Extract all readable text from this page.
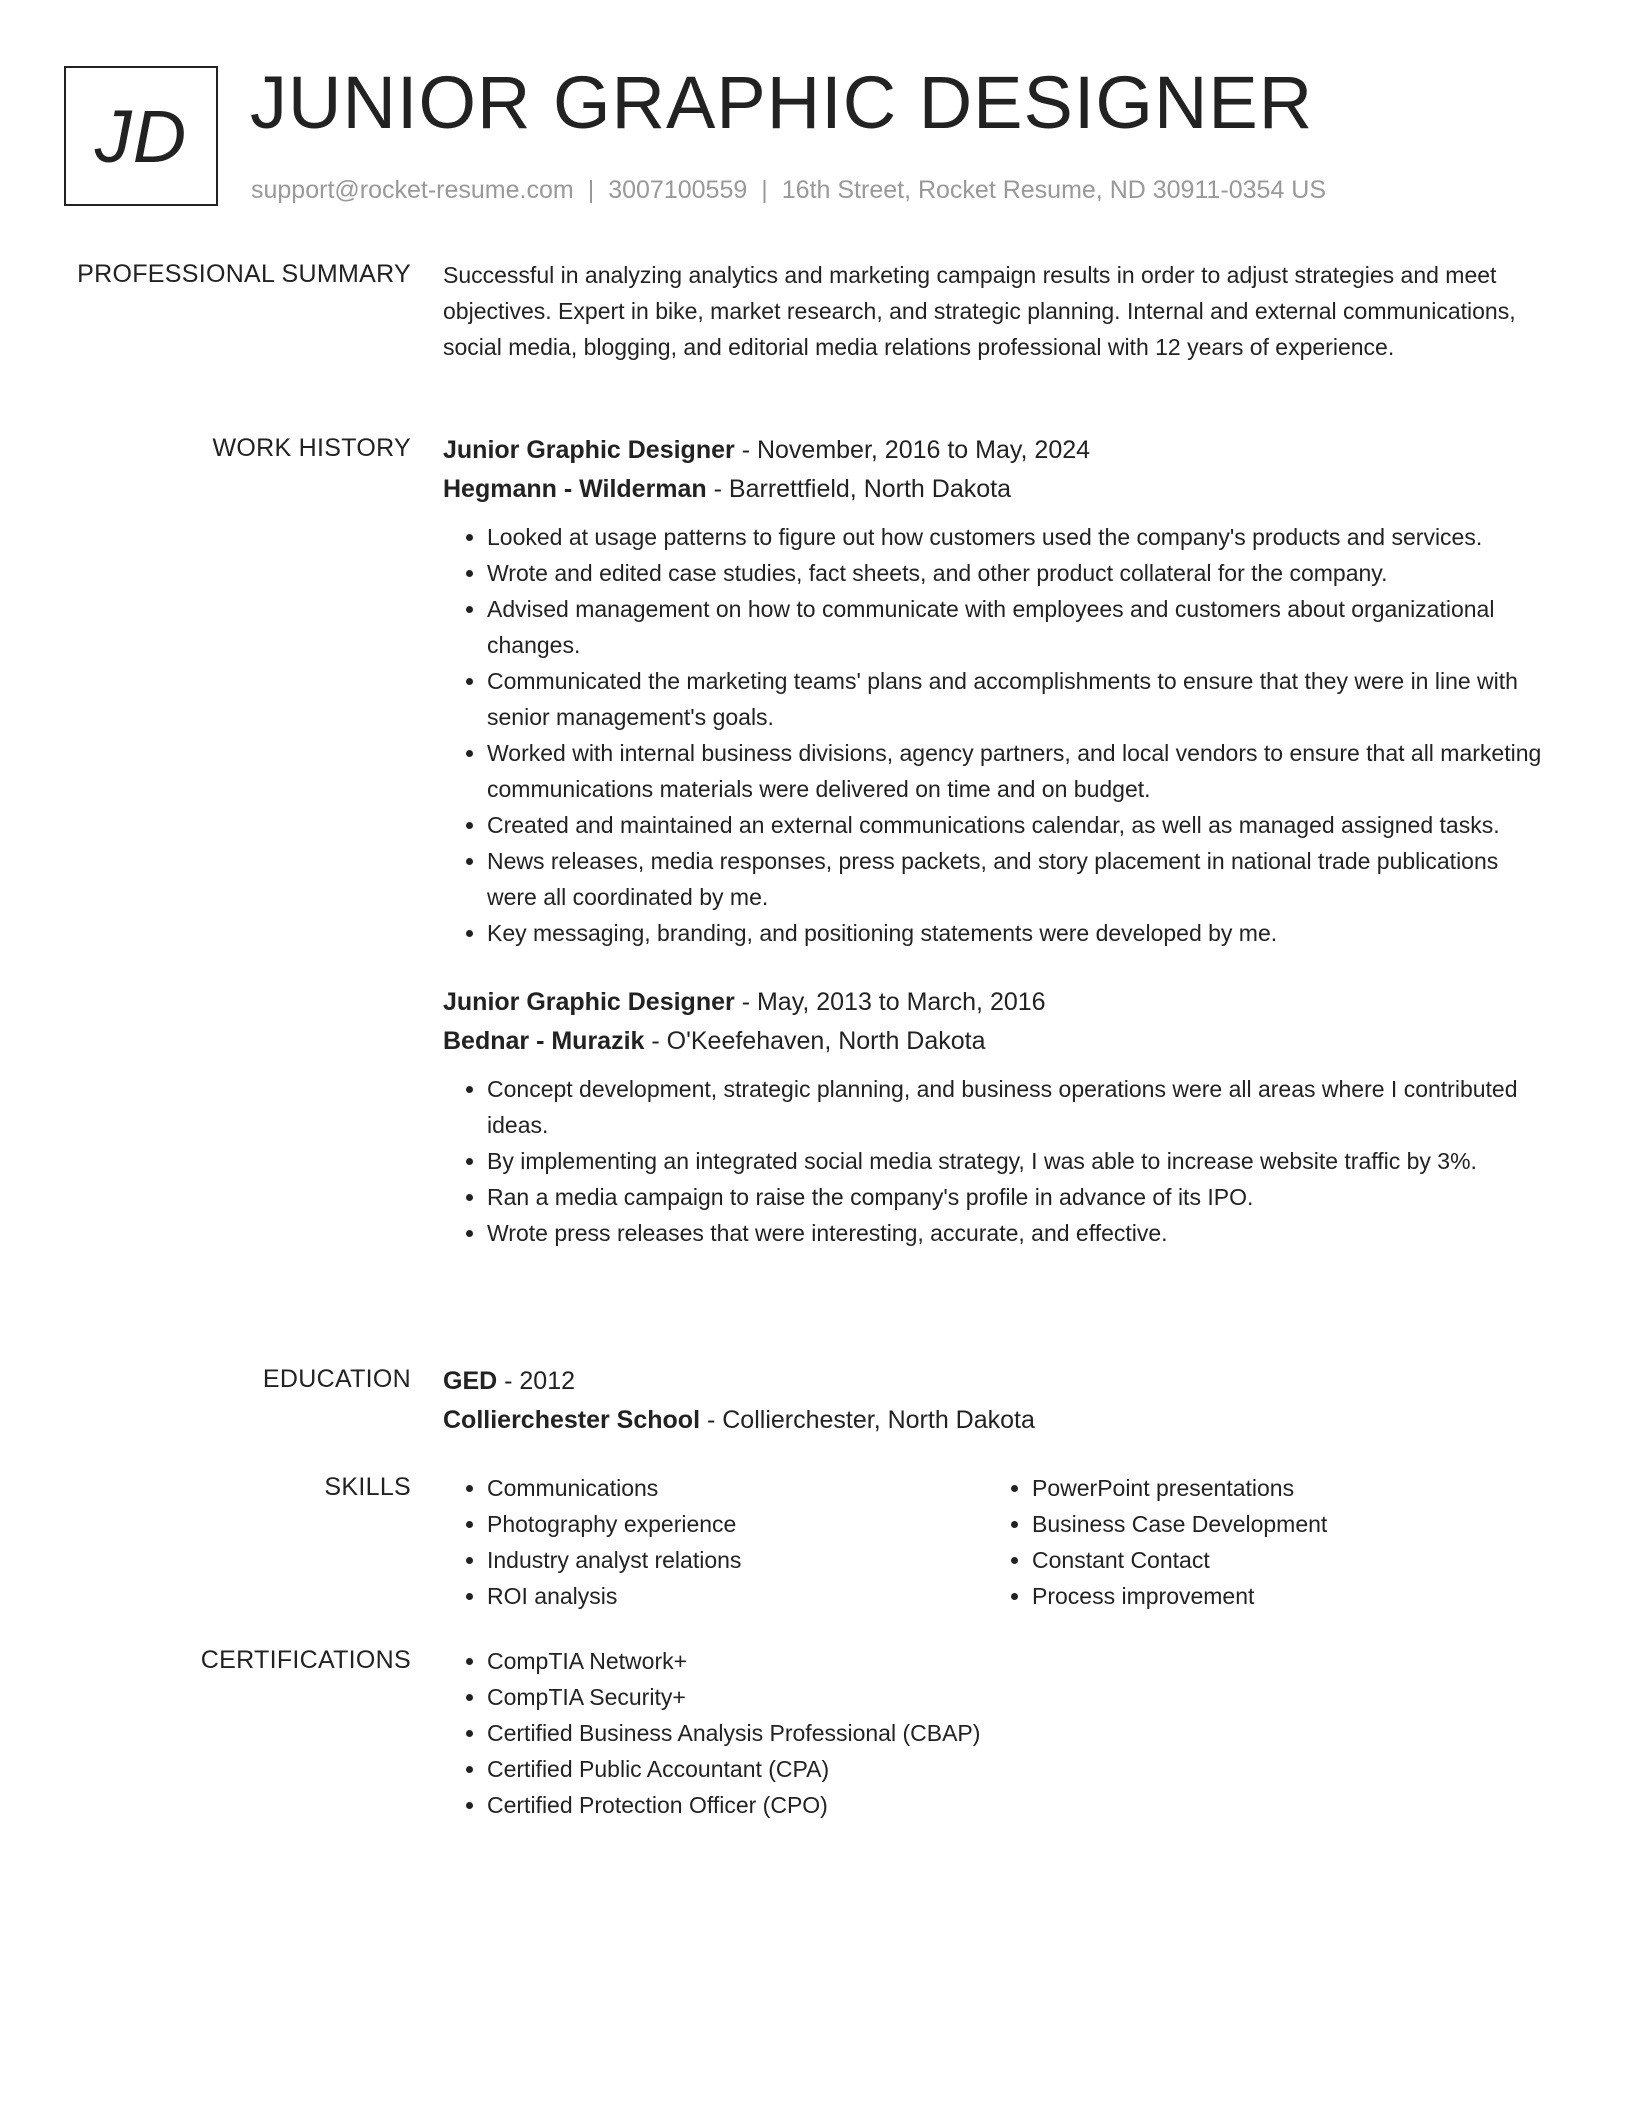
JD JUNIOR GRAPHIC DESIGNER
support@rocket-resume.com | 3007100559 | 16th Street, Rocket Resume, ND 30911-0354 US
PROFESSIONAL SUMMARY Successful in analyzing analytics and marketing campaign results in order to adjust strategies and meet objectives. Expert in bike, market research, and strategic planning. Internal and external communications, social media, blogging, and editorial media relations professional with 12 years of experience.

WORK HISTORY Junior Graphic Designer - November, 2016 to May, 2024

Hegmann - Wilderman - Barrettfield, North Dakota

• Looked at usage patterns to figure out how customers used the company's products and services.
• Wrote and edited case studies, fact sheets, and other product collateral for the company.
• Advised management on how to communicate with employees and customers about organizational changes.
• Communicated the marketing teams' plans and accomplishments to ensure that they were in line with senior management's goals.
• Worked with internal business divisions, agency partners, and local vendors to ensure that all marketing communications materials were delivered on time and on budget.
• Created and maintained an external communications calendar, as well as managed assigned tasks.
• News releases, media responses, press packets, and story placement in national trade publications were all coordinated by me.
• Key messaging, branding, and positioning statements were developed by me.

Junior Graphic Designer - May, 2013 to March, 2016

Bednar - Murazik - O'Keefehaven, North Dakota

• Concept development, strategic planning, and business operations were all areas where I contributed ideas.
• By implementing an integrated social media strategy, I was able to increase website traffic by 3%.
• Ran a media campaign to raise the company's profile in advance of its IPO.
• Wrote press releases that were interesting, accurate, and effective.
EDUCATION GED - 2012

Collierchester School - Collierchester, North Dakota

SKILLS	• Communications
• Photography experience
• Industry analyst relations
• ROI analysis
• PowerPoint presentations
• Business Case Development
• Constant Contact
• Process improvement
CERTIFICATIONS	• CompTIA Network+
• CompTIA Security+
• Certified Business Analysis Professional (CBAP)
• Certified Public Accountant (CPA)
• Certified Protection Officer (CPO)
